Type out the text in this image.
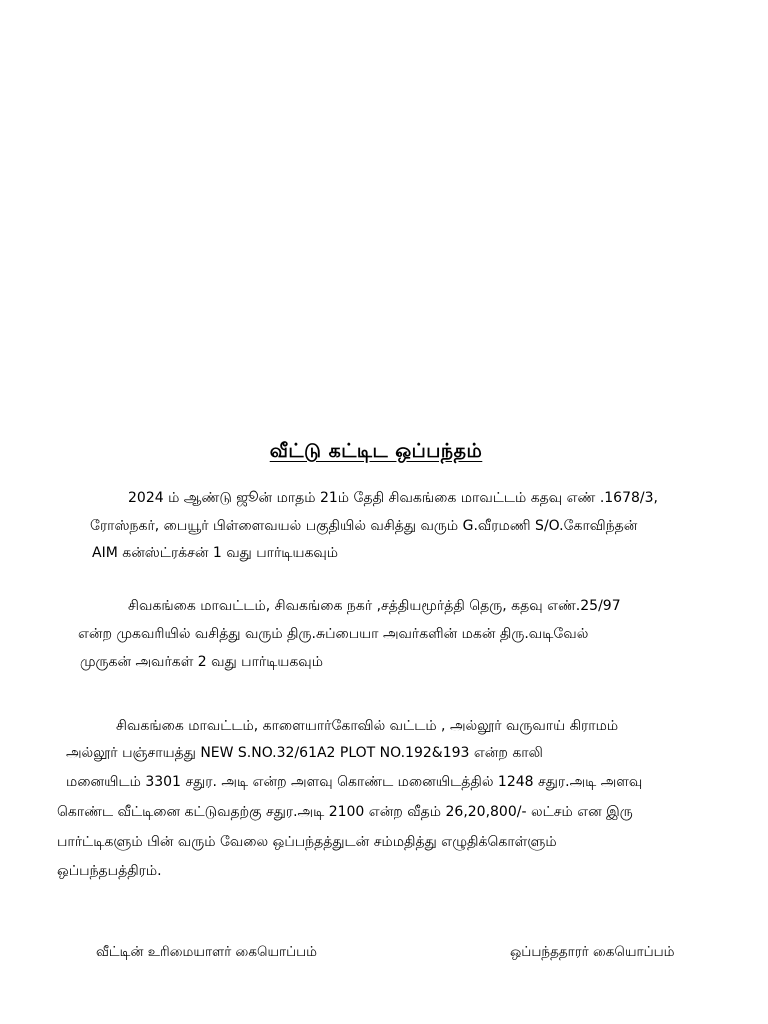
வீட்டு கட்டிட ஒப்பந்தம்
2024 ம் ஆண்டு ஜூன் மாதம் 21ம் தேதி சிவகங்கை மாவட்டம் கதவு எண் .1678/3,
ரோஸ்நகர், பையூர் பிள்ளைவயல் பகுதியில் வசித்து வரும் G.வீரமணி S/O.கோவிந்தன்
AIM கன்ஸ்ட்ரக்சன் 1 வது பார்டியகவும்
சிவகங்கை மாவட்டம், சிவகங்கை நகர் ,சத்தியமூர்த்தி தெரு, கதவு எண்.25/97
என்ற முகவரியில் வசித்து வரும் திரு.சுப்பையா அவர்களின் மகன் திரு.வடிவேல்
முருகன் அவர்கள் 2 வது பார்டியகவும்
சிவகங்கை மாவட்டம், காளையார்கோவில் வட்டம் , அல்லூர் வருவாய் கிராமம்
அல்லூர் பஞ்சாயத்து NEW S.NO.32/61A2 PLOT NO.192&193 என்ற காலி
மனையிடம் 3301 சதுர. அடி என்ற அளவு கொண்ட மனையிடத்தில் 1248 சதுர.அடி அளவு
கொண்ட வீட்டினை கட்டுவதற்கு சதுர.அடி 2100 என்ற வீதம் 26,20,800/- லட்சம் என இரு
பார்ட்டிகளும் பின் வரும் வேலை ஒப்பந்தத்துடன் சம்மதித்து எழுதிக்கொள்ளும்
ஒப்பந்தபத்திரம்.
வீட்டின் உரிமையாளர் கையொப்பம்	ஒப்பந்ததாரர் கையொப்பம்
